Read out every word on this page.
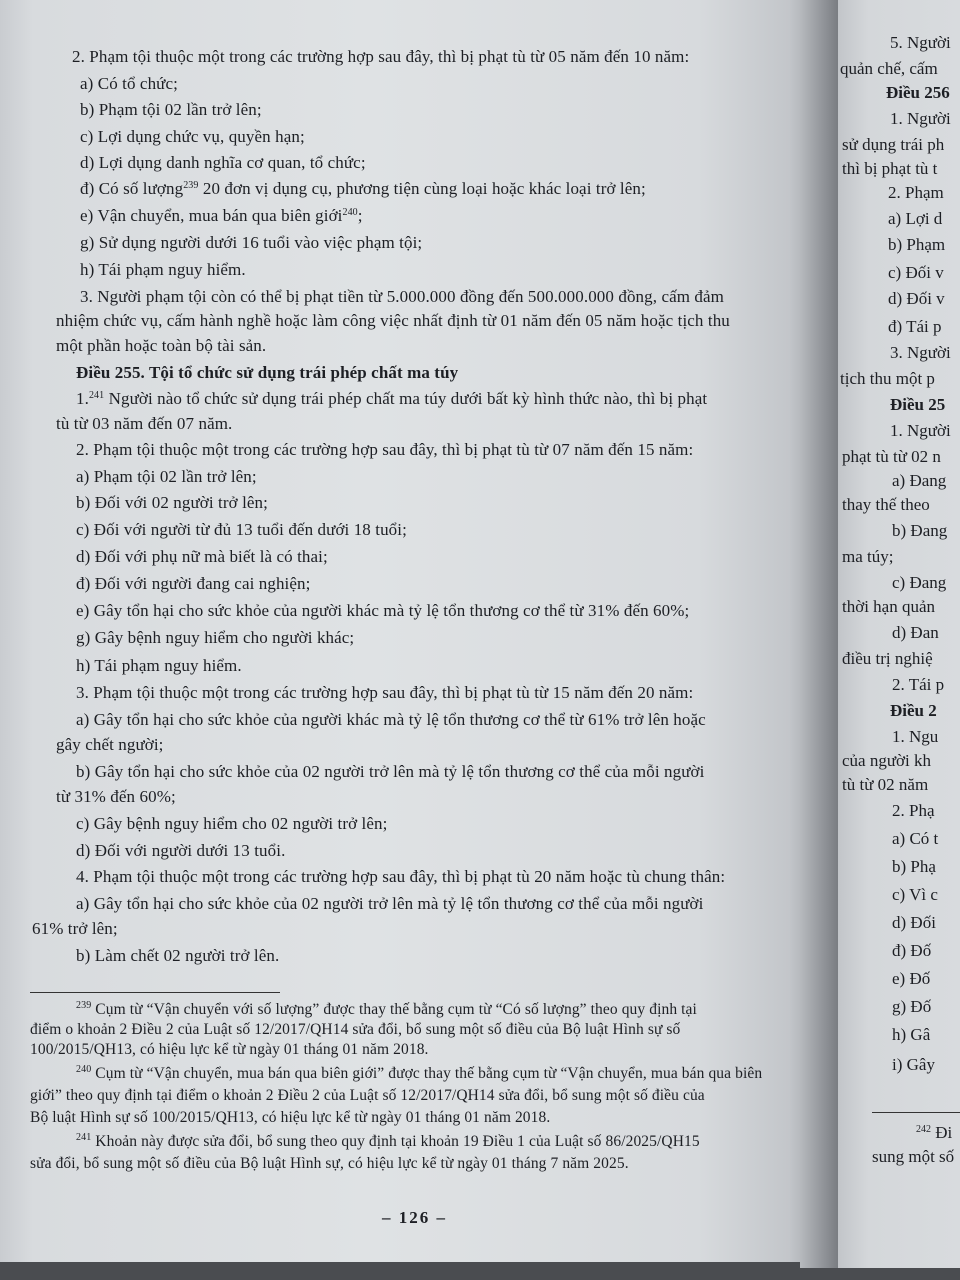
2. Phạm tội thuộc một trong các trường hợp sau đây, thì bị phạt tù từ 05 năm đến 10 năm:
a) Có tổ chức;
b) Phạm tội 02 lần trở lên;
c) Lợi dụng chức vụ, quyền hạn;
d) Lợi dụng danh nghĩa cơ quan, tổ chức;
đ) Có số lượng$^{239}$ 20 đơn vị dụng cụ, phương tiện cùng loại hoặc khác loại trở lên;
e) Vận chuyển, mua bán qua biên giới$^{240}$;
g) Sử dụng người dưới 16 tuổi vào việc phạm tội;
h) Tái phạm nguy hiểm.
3. Người phạm tội còn có thể bị phạt tiền từ 5.000.000 đồng đến 500.000.000 đồng, cấm đảm
nhiệm chức vụ, cấm hành nghề hoặc làm công việc nhất định từ 01 năm đến 05 năm hoặc tịch thu
một phần hoặc toàn bộ tài sản.
Điều 255. Tội tổ chức sử dụng trái phép chất ma túy
1.$^{241}$ Người nào tổ chức sử dụng trái phép chất ma túy dưới bất kỳ hình thức nào, thì bị phạt
tù từ 03 năm đến 07 năm.
2. Phạm tội thuộc một trong các trường hợp sau đây, thì bị phạt tù từ 07 năm đến 15 năm:
a) Phạm tội 02 lần trở lên;
b) Đối với 02 người trở lên;
c) Đối với người từ đủ 13 tuổi đến dưới 18 tuổi;
d) Đối với phụ nữ mà biết là có thai;
đ) Đối với người đang cai nghiện;
e) Gây tổn hại cho sức khỏe của người khác mà tỷ lệ tổn thương cơ thể từ 31% đến 60%;
g) Gây bệnh nguy hiểm cho người khác;
h) Tái phạm nguy hiểm.
3. Phạm tội thuộc một trong các trường hợp sau đây, thì bị phạt tù từ 15 năm đến 20 năm:
a) Gây tổn hại cho sức khỏe của người khác mà tỷ lệ tổn thương cơ thể từ 61% trở lên hoặc
gây chết người;
b) Gây tổn hại cho sức khỏe của 02 người trở lên mà tỷ lệ tổn thương cơ thể của mỗi người
từ 31% đến 60%;
c) Gây bệnh nguy hiểm cho 02 người trở lên;
d) Đối với người dưới 13 tuổi.
4. Phạm tội thuộc một trong các trường hợp sau đây, thì bị phạt tù 20 năm hoặc tù chung thân:
a) Gây tổn hại cho sức khỏe của 02 người trở lên mà tỷ lệ tổn thương cơ thể của mỗi người
61% trở lên;
b) Làm chết 02 người trở lên.
$^{239}$ Cụm từ “Vận chuyển với số lượng” được thay thế bằng cụm từ “Có số lượng” theo quy định tại
điểm o khoản 2 Điều 2 của Luật số 12/2017/QH14 sửa đổi, bổ sung một số điều của Bộ luật Hình sự số
100/2015/QH13, có hiệu lực kể từ ngày 01 tháng 01 năm 2018.
$^{240}$ Cụm từ “Vận chuyển, mua bán qua biên giới” được thay thế bằng cụm từ “Vận chuyển, mua bán qua biên
giới” theo quy định tại điểm o khoản 2 Điều 2 của Luật số 12/2017/QH14 sửa đổi, bổ sung một số điều của
Bộ luật Hình sự số 100/2015/QH13, có hiệu lực kể từ ngày 01 tháng 01 năm 2018.
$^{241}$ Khoản này được sửa đổi, bổ sung theo quy định tại khoản 19 Điều 1 của Luật số 86/2025/QH15
sửa đổi, bổ sung một số điều của Bộ luật Hình sự, có hiệu lực kể từ ngày 01 tháng 7 năm 2025.
– 126 –
5. Người
quản chế, cấm
Điều 256
1. Người
sử dụng trái ph
thì bị phạt tù t
2. Phạm
a) Lợi d
b) Phạm
c) Đối v
d) Đối v
đ) Tái p
3. Người
tịch thu một p
Điều 25
1. Người
phạt tù từ 02 n
a) Đang
thay thế theo
b) Đang
ma túy;
c) Đang
thời hạn quản
d) Đan
điều trị nghiệ
2. Tái p
Điều 2
1. Ngu
của người kh
tù từ 02 năm
2. Phạ
a) Có t
b) Phạ
c) Vì c
d) Đối
đ) Đố
e) Đố
g) Đố
h) Gâ
i) Gây
$^{242}$ Đi
sung một số
